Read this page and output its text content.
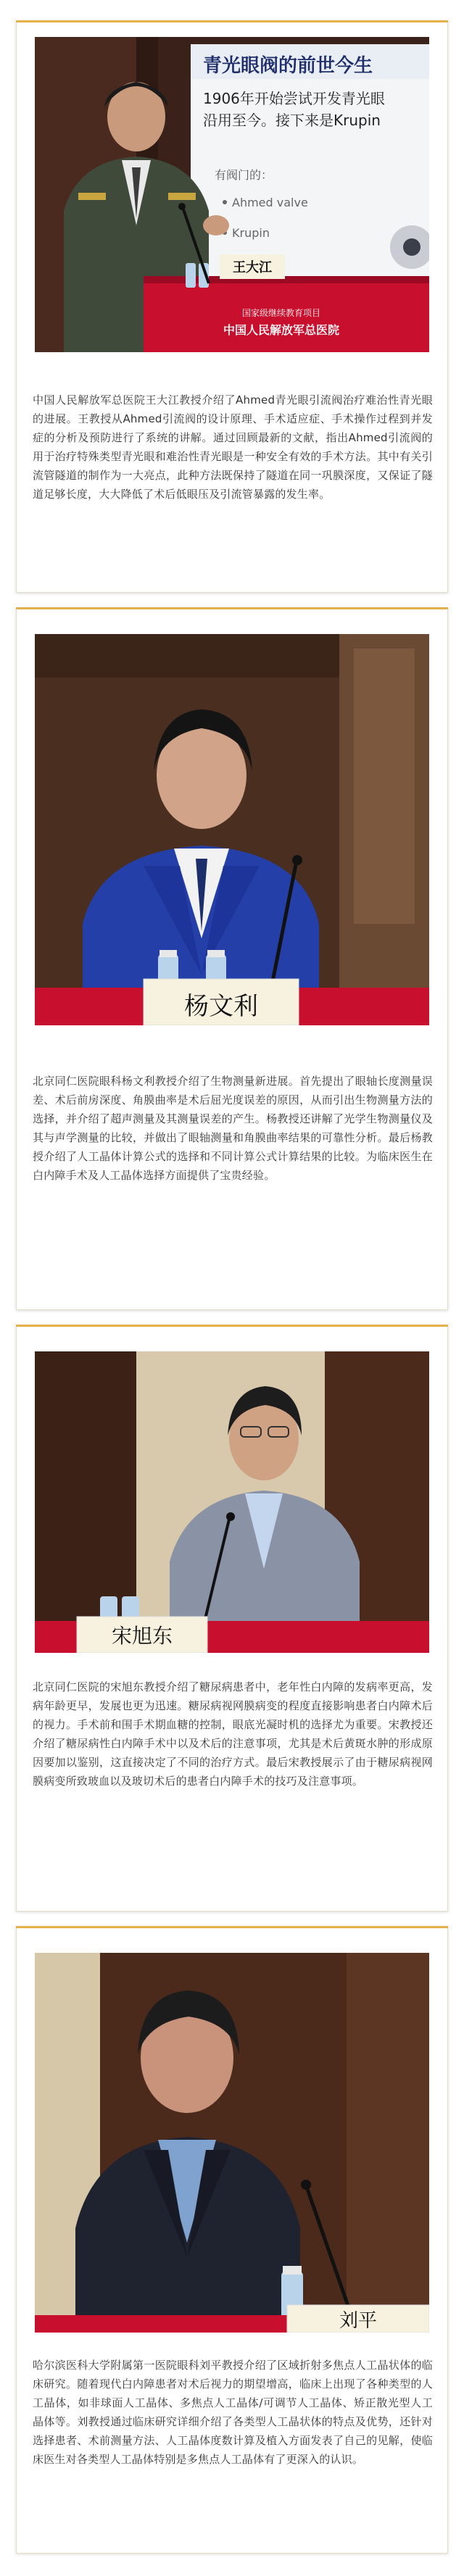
青光眼阀的前世今生
1906年开始尝试开发青光眼
沿用至今。接下来是Krupin
有阀门的：
Ahmed valve
Krupin
王大江
国家级继续教育项目
中国人民解放军总医院

中国人民解放军总医院王大江教授介绍了Ahmed青光眼引流阀治疗难治性青光眼的进展。王教授从Ahmed引流阀的设计原理、手术适应症、手术操作过程到并发症的分析及预防进行了系统的讲解。通过回顾最新的文献，指出Ahmed引流阀的用于治疗特殊类型青光眼和难治性青光眼是一种安全有效的手术方法。其中有关引流管隧道的制作为一大亮点，此种方法既保持了隧道在同一巩膜深度，又保证了隧道足够长度，大大降低了术后低眼压及引流管暴露的发生率。

杨文利

北京同仁医院眼科杨文利教授介绍了生物测量新进展。首先提出了眼轴长度测量误差、术后前房深度、角膜曲率是术后屈光度误差的原因，从而引出生物测量方法的选择，并介绍了超声测量及其测量误差的产生。杨教授还讲解了光学生物测量仪及其与声学测量的比较，并做出了眼轴测量和角膜曲率结果的可靠性分析。最后杨教授介绍了人工晶体计算公式的选择和不同计算公式计算结果的比较。为临床医生在白内障手术及人工晶体选择方面提供了宝贵经验。

宋旭东

北京同仁医院的宋旭东教授介绍了糖尿病患者中，老年性白内障的发病率更高，发病年龄更早，发展也更为迅速。糖尿病视网膜病变的程度直接影响患者白内障术后的视力。手术前和围手术期血糖的控制，眼底光凝时机的选择尤为重要。宋教授还介绍了糖尿病性白内障手术中以及术后的注意事项，尤其是术后黄斑水肿的形成原因要加以鉴别，这直接决定了不同的治疗方式。最后宋教授展示了由于糖尿病视网膜病变所致玻血以及玻切术后的患者白内障手术的技巧及注意事项。

刘平

哈尔滨医科大学附属第一医院眼科刘平教授介绍了区域折射多焦点人工晶状体的临床研究。随着现代白内障患者对术后视力的期望增高，临床上出现了各种类型的人工晶体，如非球面人工晶体、多焦点人工晶体/可调节人工晶体、矫正散光型人工晶体等。刘教授通过临床研究详细介绍了各类型人工晶状体的特点及优势，还针对选择患者、术前测量方法、人工晶体度数计算及植入方面发表了自己的见解，使临床医生对各类型人工晶体特别是多焦点人工晶体有了更深入的认识。
